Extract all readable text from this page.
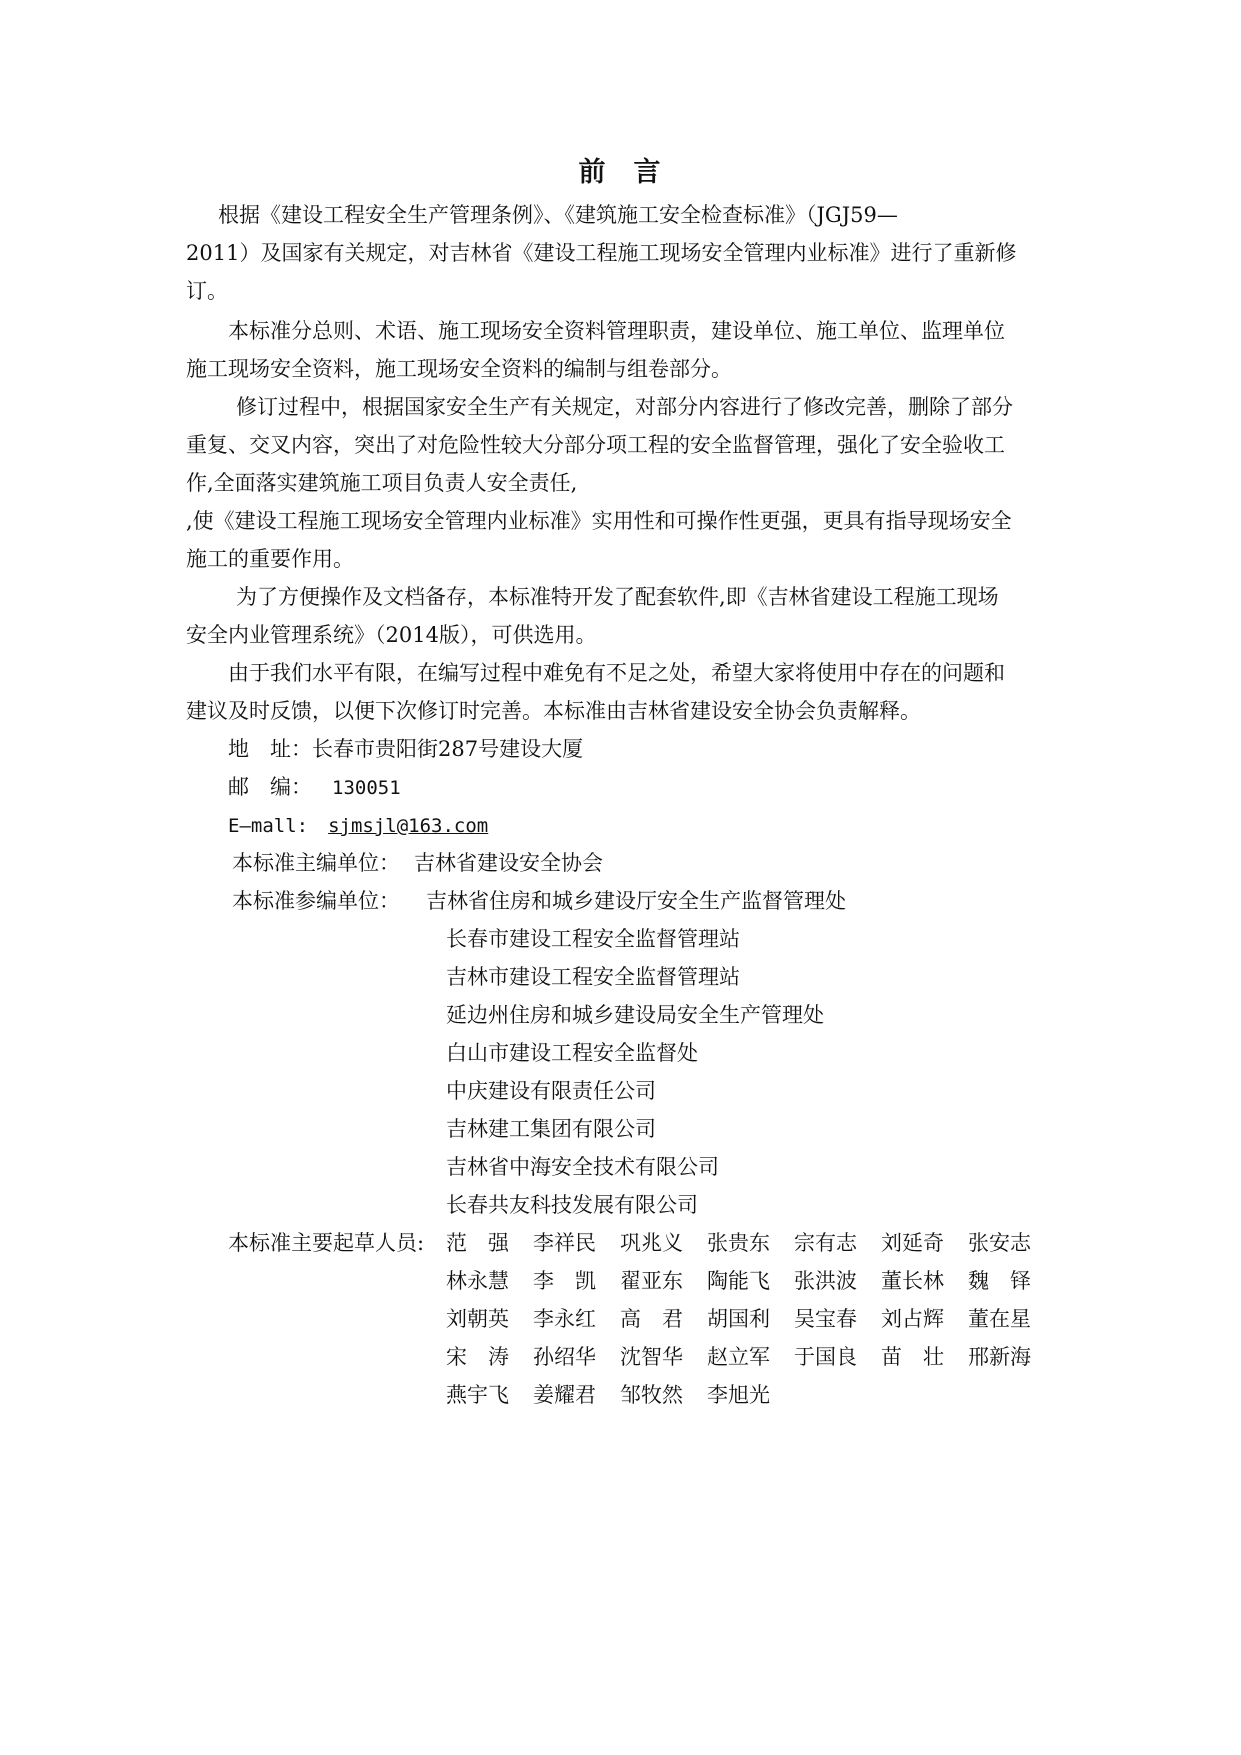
前 言
根据《建设工程安全生产管理条例》、《建筑施工安全检查标准》（JGJ59—
2011）及国家有关规定，对吉林省《建设工程施工现场安全管理内业标准》进行了重新修
订。
本标准分总则、术语、施工现场安全资料管理职责，建设单位、施工单位、监理单位
施工现场安全资料，施工现场安全资料的编制与组卷部分。
修订过程中，根据国家安全生产有关规定，对部分内容进行了修改完善，删除了部分
重复、交叉内容，突出了对危险性较大分部分项工程的安全监督管理，强化了安全验收工
作,全面落实建筑施工项目负责人安全责任,
,使《建设工程施工现场安全管理内业标准》实用性和可操作性更强，更具有指导现场安全
施工的重要作用。
为了方便操作及文档备存，本标准特开发了配套软件,即《吉林省建设工程施工现场
安全内业管理系统》（2014版），可供选用。
由于我们水平有限，在编写过程中难免有不足之处，希望大家将使用中存在的问题和
建议及时反馈，以便下次修订时完善。本标准由吉林省建设安全协会负责解释。
地　址：长春市贵阳街287号建设大厦
邮　编： 130051
E—mall: sjmsjl@163.com
本标准主编单位： 吉林省建设安全协会
本标准参编单位： 吉林省住房和城乡建设厅安全生产监督管理处
长春市建设工程安全监督管理站
吉林市建设工程安全监督管理站
延边州住房和城乡建设局安全生产管理处
白山市建设工程安全监督处
中庆建设有限责任公司
吉林建工集团有限公司
吉林省中海安全技术有限公司
长春共友科技发展有限公司
本标准主要起草人员: 范　强 李祥民 巩兆义 张贵东 宗有志 刘延奇 张安志
林永慧 李　凯 翟亚东 陶能飞 张洪波 董长林 魏　铎
刘朝英 李永红 高　君 胡国利 吴宝春 刘占辉 董在星
宋　涛 孙绍华 沈智华 赵立军 于国良 苗　壮 邢新海
燕宇飞 姜耀君 邹牧然 李旭光
